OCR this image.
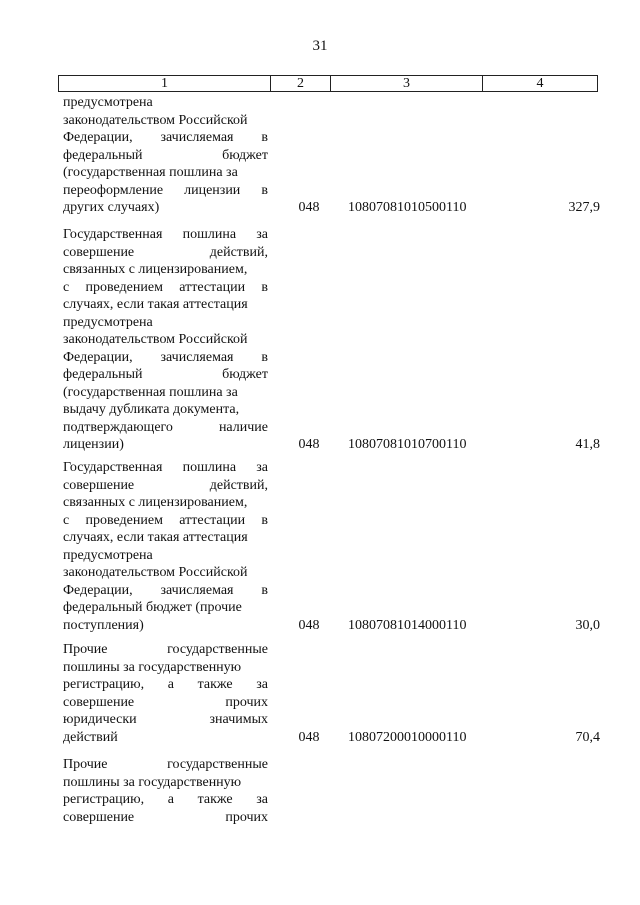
31
1	2	3	4
предусмотрена
законодательством Российской
Федерации, зачисляемая в
федеральный	бюджет
(государственная пошлина за
переоформление лицензии в
других случаях)	048	10807081010500110	327,9
Государственная пошлина за
совершение	действий,
связанных с лицензированием,
с проведением аттестации в
случаях, если такая аттестация
предусмотрена
законодательством Российской
Федерации, зачисляемая в
федеральный	бюджет
(государственная пошлина за
выдачу дубликата документа,
подтверждающего	наличие
лицензии)	048	10807081010700110	41,8
Государственная пошлина за
совершение	действий,
связанных с лицензированием,
с проведением аттестации в
случаях, если такая аттестация
предусмотрена
законодательством Российской
Федерации, зачисляемая в
федеральный бюджет (прочие
поступления)	048	10807081014000110	30,0
Прочие	государственные
пошлины за государственную
регистрацию, а также за
совершение	прочих
юридически	значимых
действий	048	10807200010000110	70,4
Прочие	государственные
пошлины за государственную
регистрацию, а также за
совершение	прочих
